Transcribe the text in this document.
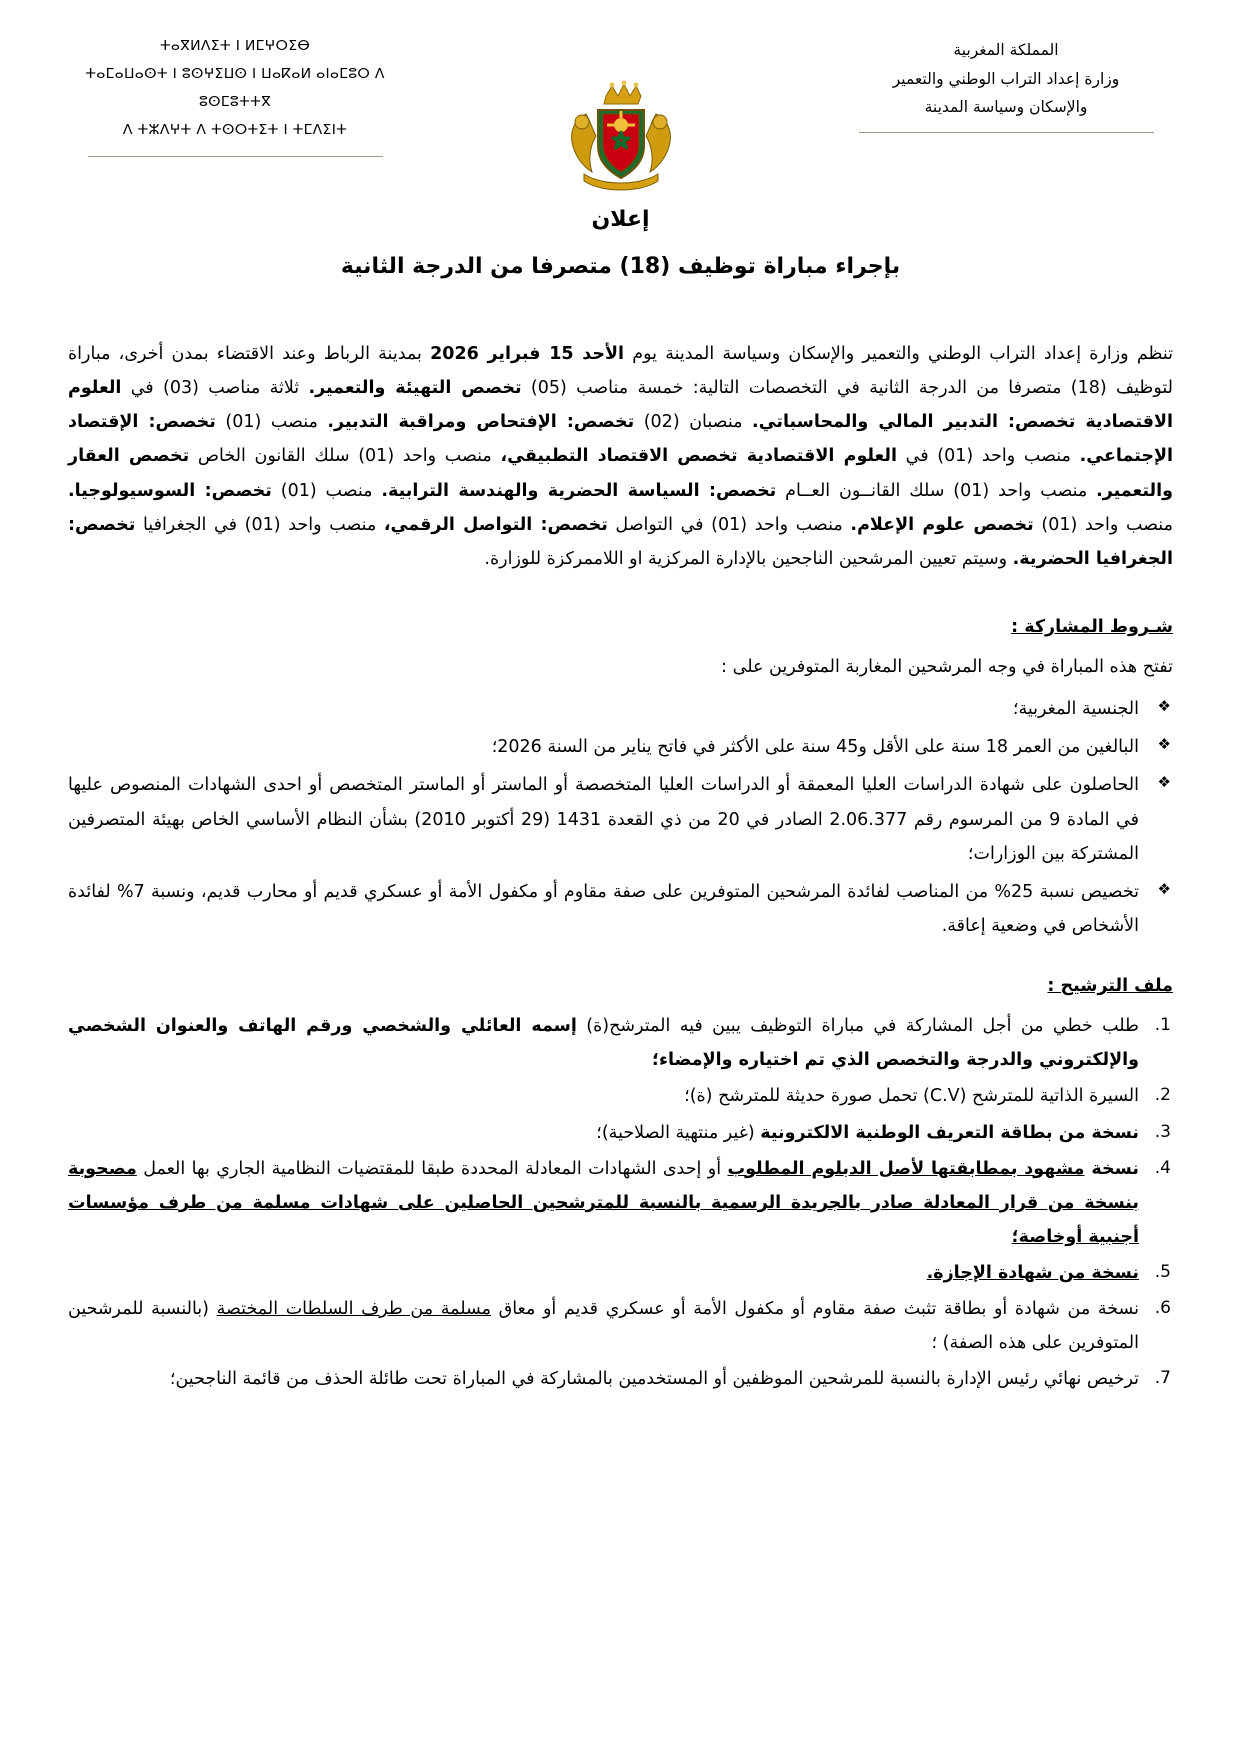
المملكة المغربية
وزارة إعداد التراب الوطني والتعمير
والإسكان وسياسة المدينة
ⵜⴰⴳⵍⴷⵉⵜ ⵏ ⵍⵎⵖⵔⵉⴱ
ⵜⴰⵎⴰⵡⴰⵙⵜ ⵏ ⵓⵙⵖⵉⵡⵙ ⵏ ⵡⴰⴽⴰⵍ ⴰⵏⴰⵎⵓⵔ ⴷ ⵓⵙⵎⵓⵜⵜⴳ
ⴷ ⵜⵣⴷⵖⵜ ⴷ ⵜⵙⵔⵜⵉⵜ ⵏ ⵜⵎⴷⵉⵏⵜ
إعلان
بإجراء مباراة توظيف (18) متصرفا من الدرجة الثانية
تنظم وزارة إعداد التراب الوطني والتعمير والإسكان وسياسة المدينة يوم الأحد 15 فبراير 2026 بمدينة الرباط وعند الاقتضاء بمدن أخرى، مباراة لتوظيف (18) متصرفا من الدرجة الثانية في التخصصات التالية: خمسة مناصب (05) تخصص التهيئة والتعمير. ثلاثة مناصب (03) في العلوم الاقتصادية تخصص: التدبير المالي والمحاسباتي. منصبان (02) تخصص: الإفتحاص ومراقبة التدبير. منصب (01) تخصص: الإقتصاد الإجتماعي. منصب واحد (01) في العلوم الاقتصادية تخصص الاقتصاد التطبيقي، منصب واحد (01) سلك القانون الخاص تخصص العقار والتعمير. منصب واحد (01) سلك القانــون العــام تخصص: السياسة الحضرية والهندسة الترابية. منصب (01) تخصص: السوسيولوجيا. منصب واحد (01) تخصص علوم الإعلام. منصب واحد (01) في التواصل تخصص: التواصل الرقمي، منصب واحد (01) في الجغرافيا تخصص: الجغرافيا الحضرية. وسيتم تعيين المرشحين الناجحين بالإدارة المركزية او اللاممركزة للوزارة.
شـروط المشاركة :
تفتح هذه المباراة في وجه المرشحين المغاربة المتوفرين على :
❖ الجنسية المغربية؛
❖ البالغين من العمر 18 سنة على الأقل و45 سنة على الأكثر في فاتح يناير من السنة 2026؛
❖ الحاصلون على شهادة الدراسات العليا المعمقة أو الدراسات العليا المتخصصة أو الماستر أو الماستر المتخصص أو احدى الشهادات المنصوص عليها في المادة 9 من المرسوم رقم 2.06.377 الصادر في 20 من ذي القعدة 1431 (29 أكتوبر 2010) بشأن النظام الأساسي الخاص بهيئة المتصرفين المشتركة بين الوزارات؛
❖ تخصيص نسبة 25% من المناصب لفائدة المرشحين المتوفرين على صفة مقاوم أو مكفول الأمة أو عسكري قديم أو محارب قديم، ونسبة 7% لفائدة الأشخاص في وضعية إعاقة.
ملف الترشيح :
طلب خطي من أجل المشاركة في مباراة التوظيف يبين فيه المترشح(ة) إسمه العائلي والشخصي ورقم الهاتف والعنوان الشخصي والإلكتروني والدرجة والتخصص الذي تم اختياره والإمضاء؛
السيرة الذاتية للمترشح (C.V) تحمل صورة حديثة للمترشح (ة)؛
نسخة من بطاقة التعريف الوطنية الالكترونية (غير منتهية الصلاحية)؛
نسخة مشهود بمطابقتها لأصل الدبلوم المطلوب أو إحدى الشهادات المعادلة المحددة طبقا للمقتضيات النظامية الجاري بها العمل مصحوبة بنسخة من قرار المعادلة صادر بالجريدة الرسمية بالنسبة للمترشحين الحاصلين على شهادات مسلمة من طرف مؤسسات أجنبية أوخاصة؛
نسخة من شهادة الإجازة.
نسخة من شهادة أو بطاقة تثبث صفة مقاوم أو مكفول الأمة أو عسكري قديم أو معاق مسلمة من طرف السلطات المختصة (بالنسبة للمرشحين المتوفرين على هذه الصفة) ؛
ترخيص نهائي رئيس الإدارة بالنسبة للمرشحين الموظفين أو المستخدمين بالمشاركة في المباراة تحت طائلة الحذف من قائمة الناجحين؛
